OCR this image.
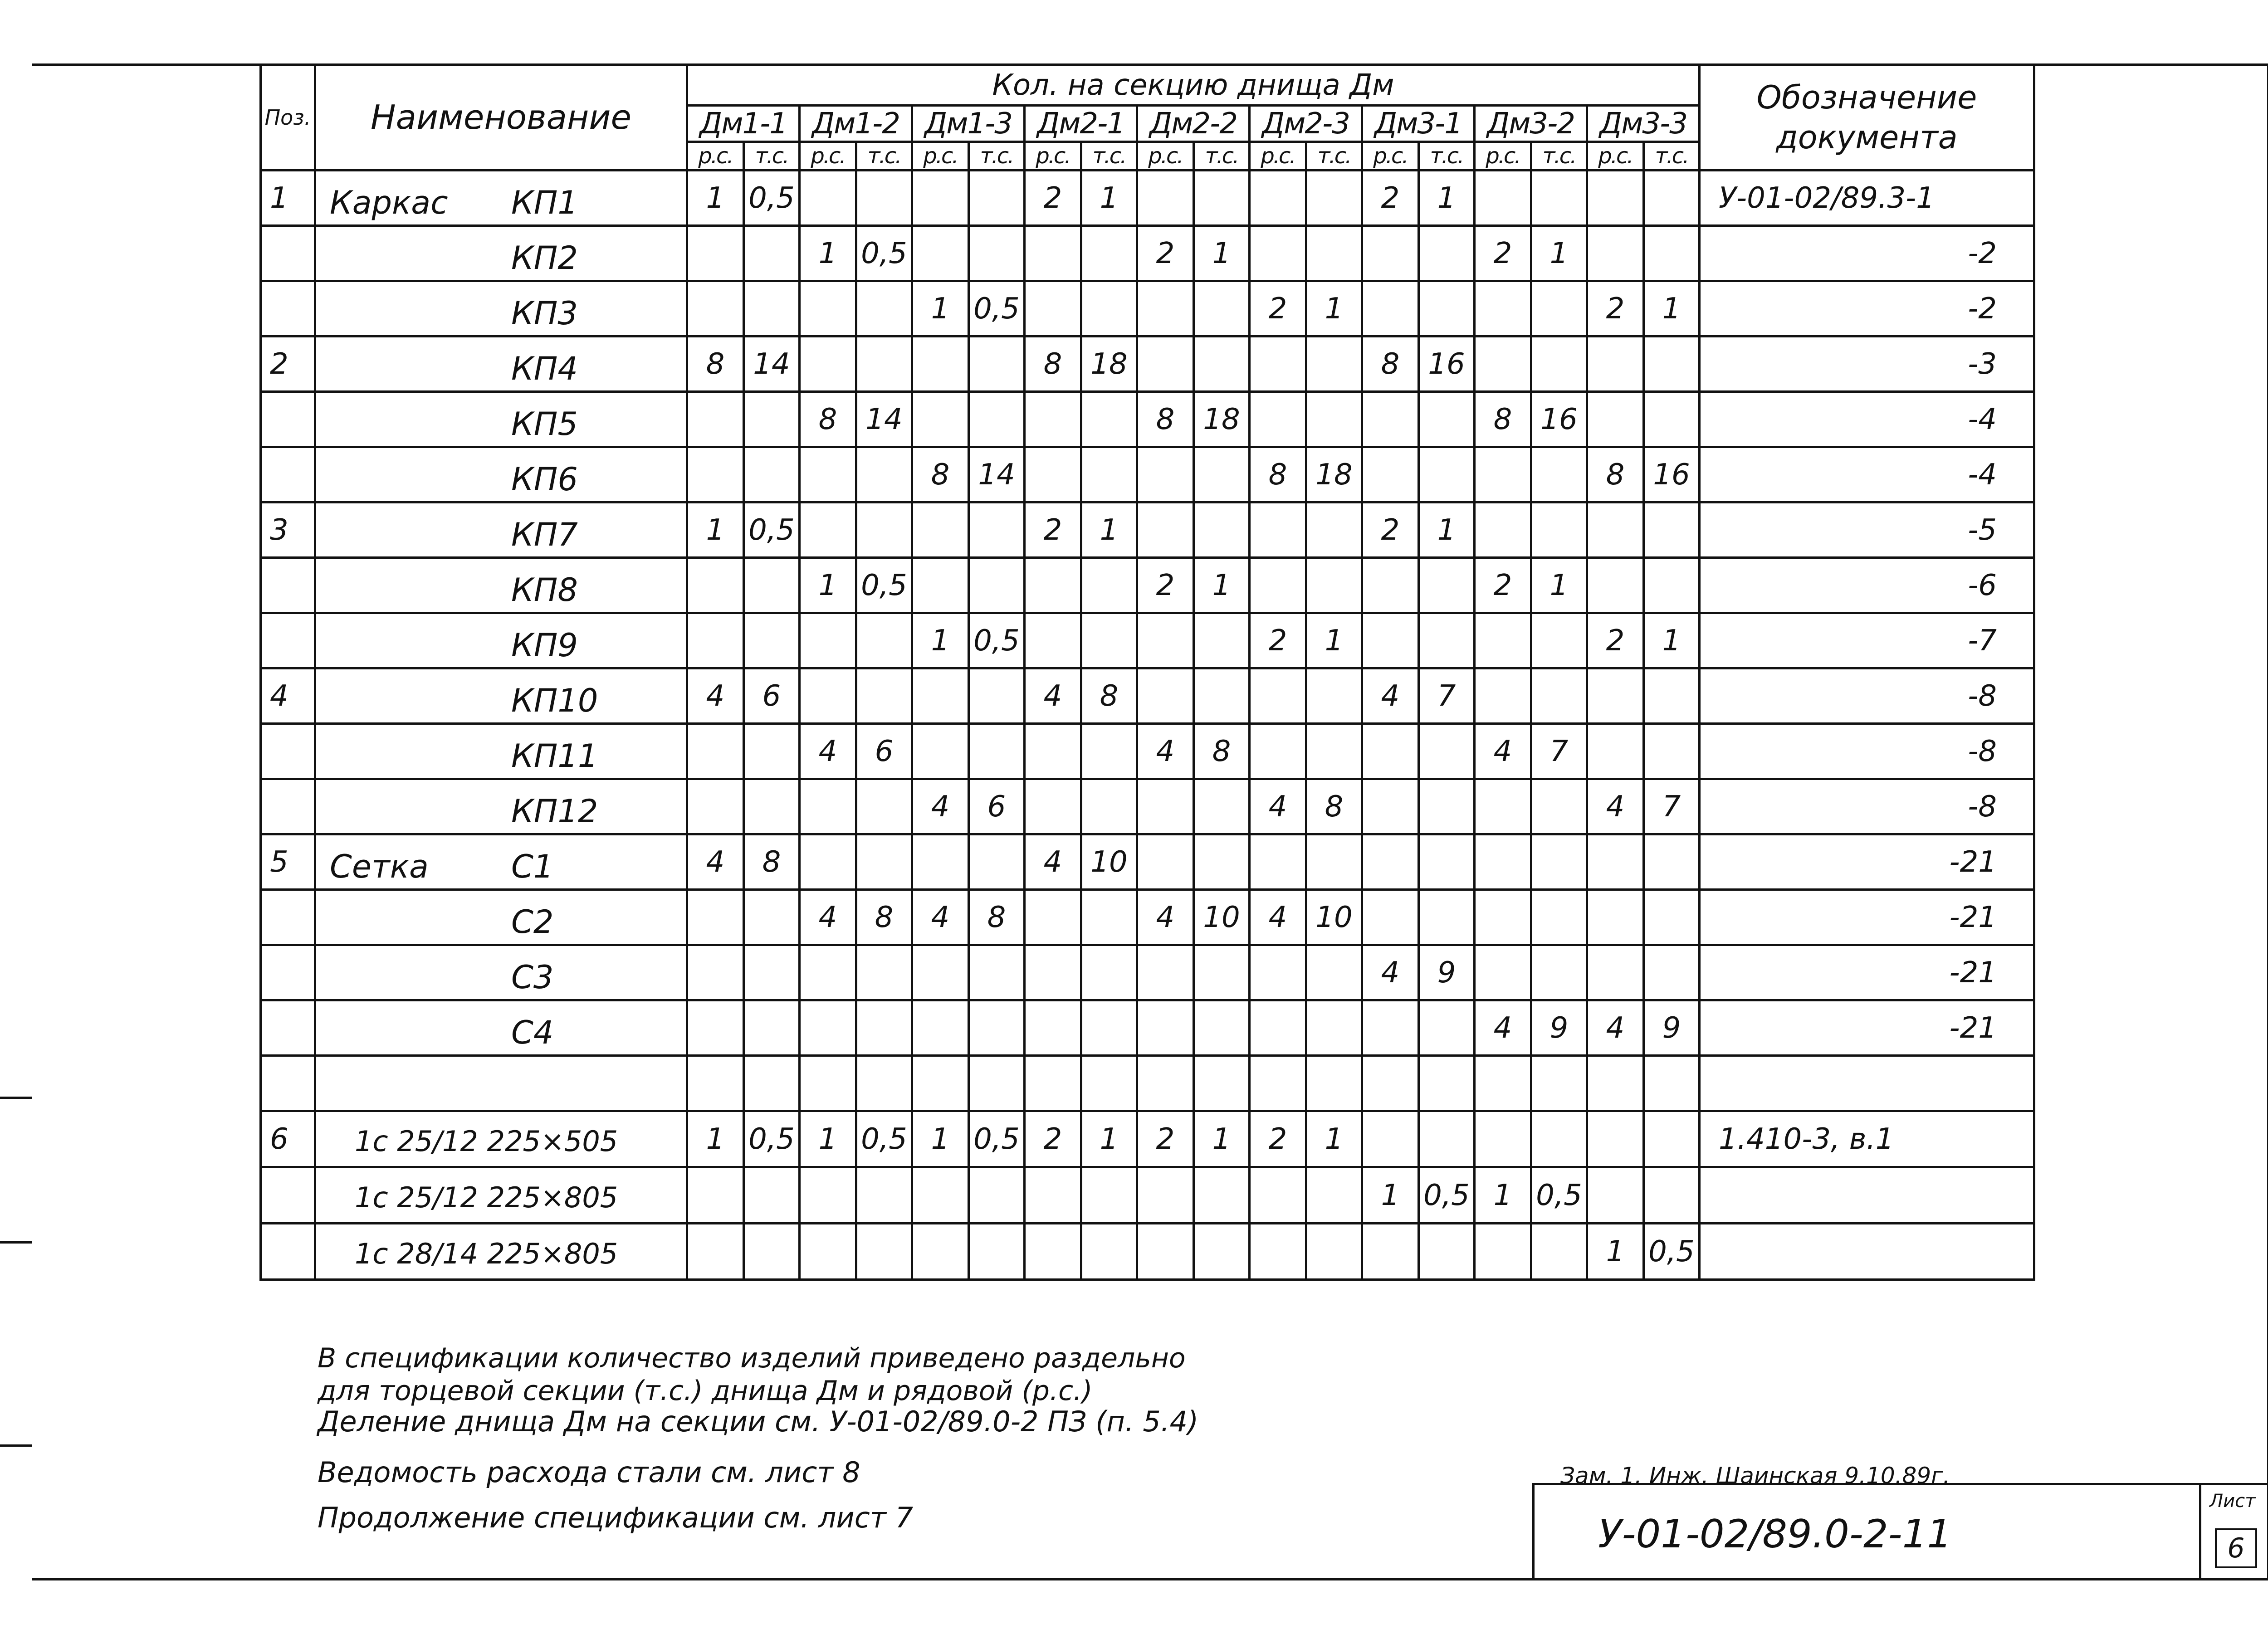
Поз.	Наименование	Кол. на секцию днища Дм																		Обозначение
документа

		Дм1-1		Дм1-2		Дм1-3		Дм2-1		Дм2-2		Дм2-3		Дм3-1		Дм3-2		Дм3-3		
		р.с.	т.с.	р.с.	т.с.	р.с.	т.с.	р.с.	т.с.	р.с.	т.с.	р.с.	т.с.	р.с.	т.с.	р.с.	т.с.	р.с.	т.с.	
1	Каркас КП1	1	0,5					2	1					2	1					У-01-02/89.3-1

	КП2			1	0,5					2	1					2	1			-2

	КП3					1	0,5					2	1					2	1	-2
2	КП4	8	14					8	18					8	16					-3

	КП5			8	14					8	18					8	16			-4

	КП6					8	14					8	18					8	16	-4
3	КП7	1	0,5					2	1					2	1					-5

	КП8			1	0,5					2	1					2	1			-6

	КП9					1	0,5					2	1					2	1	-7
4	КП10	4	6					4	8					4	7					-8

	КП11			4	6					4	8					4	7			-8

	КП12					4	6					4	8					4	7	-8
5	Сетка С1	4	8					4	10											-21

	С2			4	8	4	8			4	10	4	10							-21

	С3													4	9					-21

	С4															4	9	4	9	-21

6	1с 25/12 225×505	1	0,5	1	0,5	1	0,5	2	1	2	1	2	1							1.410-3, в.1

	1с 25/12 225×805													1	0,5	1	0,5			

	1с 28/14 225×805																	1	0,5	
В спецификации количество изделий приведено раздельно
для торцевой секции (т.с.) днища Дм и рядовой (р.с.)
Деление днища Дм на секции см. У-01-02/89.0-2 ПЗ (п. 5.4)
Ведомость расхода стали см. лист 8
Продолжение спецификации см. лист 7
Зам. 1. Инж. Шаинская 9.10.89г.
У-01-02/89.0-2-11
Лист
6
